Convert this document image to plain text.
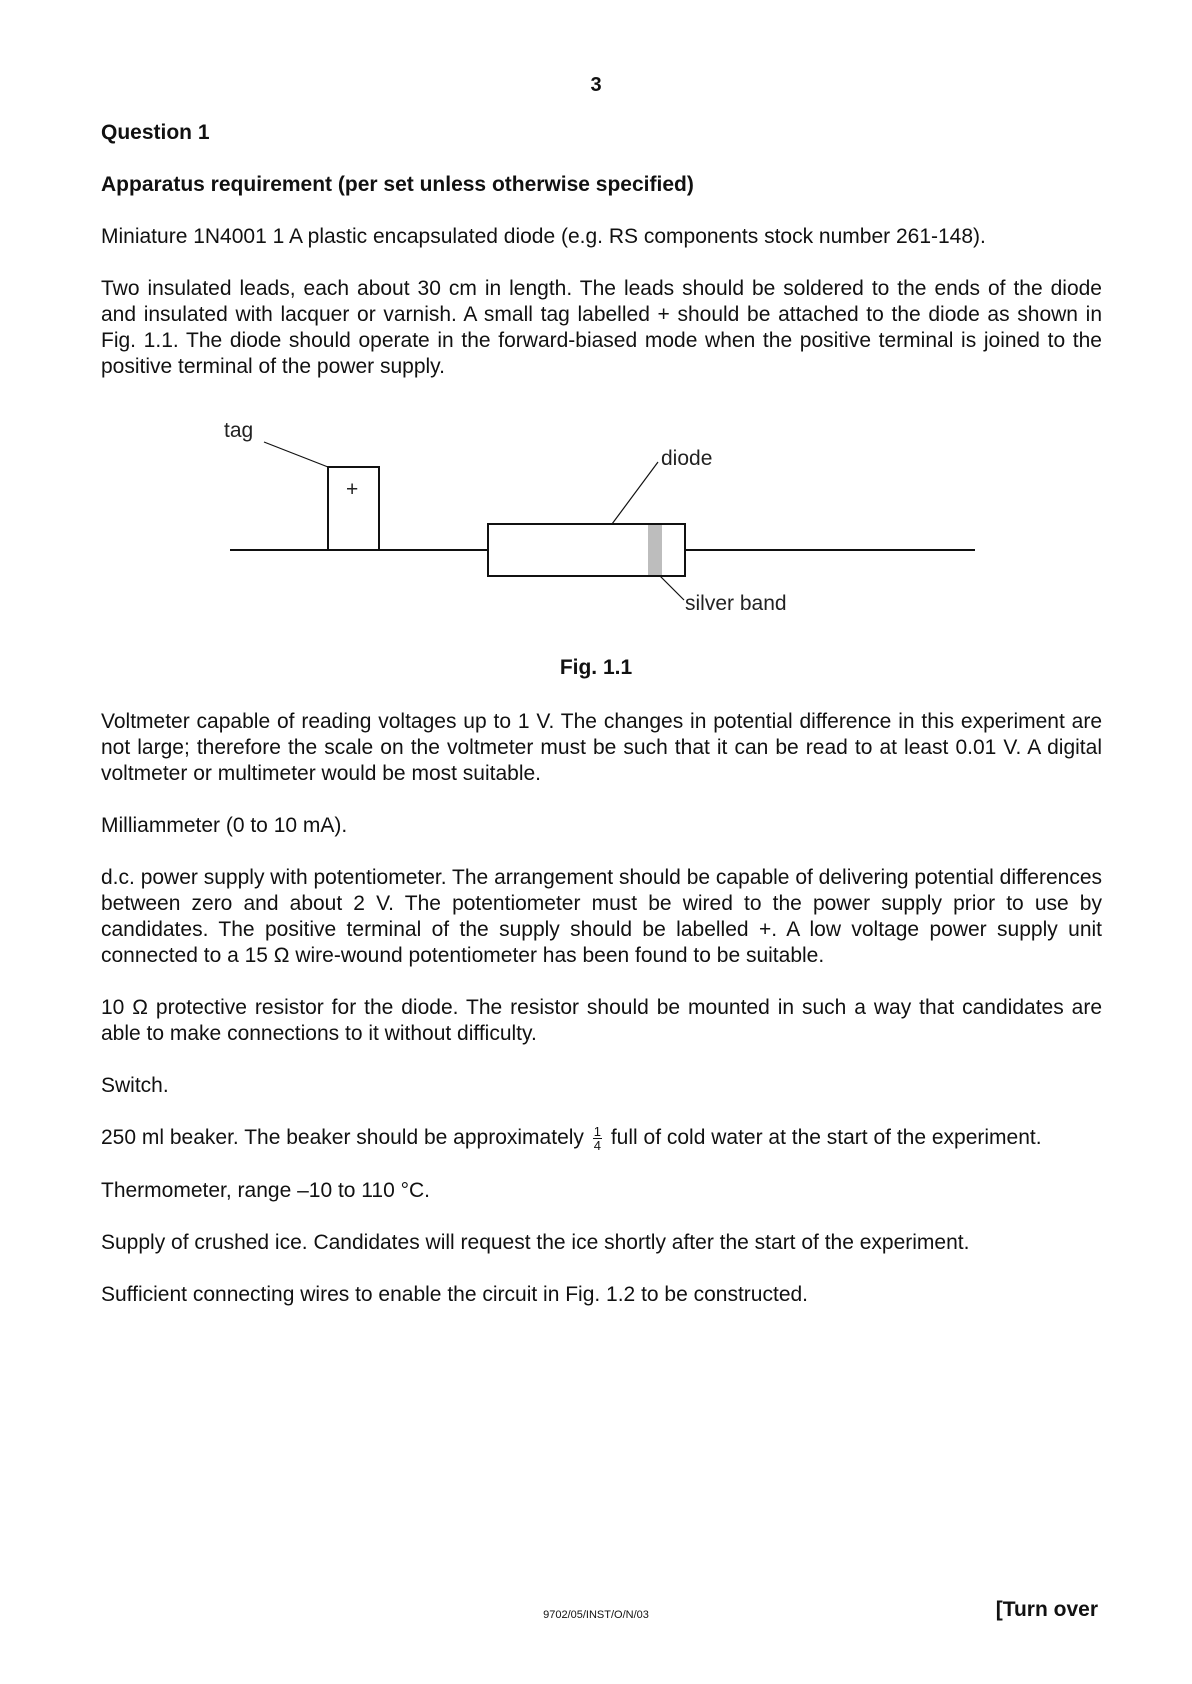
3

Question 1

Apparatus requirement (per set unless otherwise specified)

Miniature 1N4001 1 A plastic encapsulated diode (e.g. RS components stock number 261-148).

Two insulated leads, each about 30 cm in length. The leads should be soldered to the ends of the diode and insulated with lacquer or varnish. A small tag labelled + should be attached to the diode as shown in Fig. 1.1. The diode should operate in the forward-biased mode when the positive terminal is joined to the positive terminal of the power supply.

+
tag
diode
silver band
Fig. 1.1

Voltmeter capable of reading voltages up to 1 V. The changes in potential difference in this experiment are not large; therefore the scale on the voltmeter must be such that it can be read to at least 0.01 V. A digital voltmeter or multimeter would be most suitable.

Milliammeter (0 to 10 mA).

d.c. power supply with potentiometer. The arrangement should be capable of delivering potential differences between zero and about 2 V. The potentiometer must be wired to the power supply prior to use by candidates. The positive terminal of the supply should be labelled +. A low voltage power supply unit connected to a 15 Ω wire-wound potentiometer has been found to be suitable.

10 Ω protective resistor for the diode. The resistor should be mounted in such a way that candidates are able to make connections to it without difficulty.

Switch.

250 ml beaker. The beaker should be approximately $\frac{1}{4}$ full of cold water at the start of the experiment.

Thermometer, range –10 to 110 °C.

Supply of crushed ice. Candidates will request the ice shortly after the start of the experiment.

Sufficient connecting wires to enable the circuit in Fig. 1.2 to be constructed.

9702/05/INST/O/N/03	[Turn over
